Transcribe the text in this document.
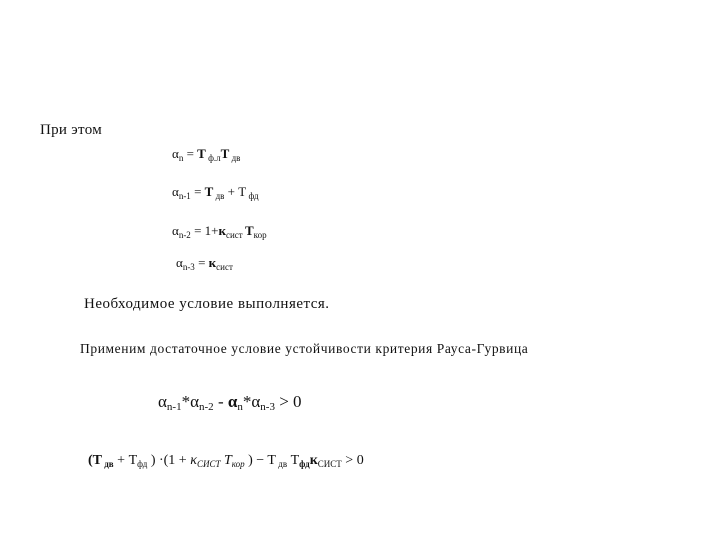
При этом
$\alpha_n = T$ $_{ф.л}$T $_{дв}$
$\alpha_{n-1} = T$ $_{дв}$ + T $_{фд}$
$\alpha_{n-2} = 1+к_{сист}$ $T_{кор}$
$\alpha_{n-3} = к_{сист}$
Необходимое условие выполняется.
Применим достаточное условие устойчивости критерия Рауса-Гурвица
$\alpha_{n-1}*\alpha_{n-2} - \alpha_n*\alpha_{n-3} > 0$
(T $_{дв} + T_{фд}$ ) $\cdot(1 + \kappa_{СИСТ}$ $T_{кор}$ ) − T $_{дв}$ $T_{фд}к_{СИСТ} > 0$
